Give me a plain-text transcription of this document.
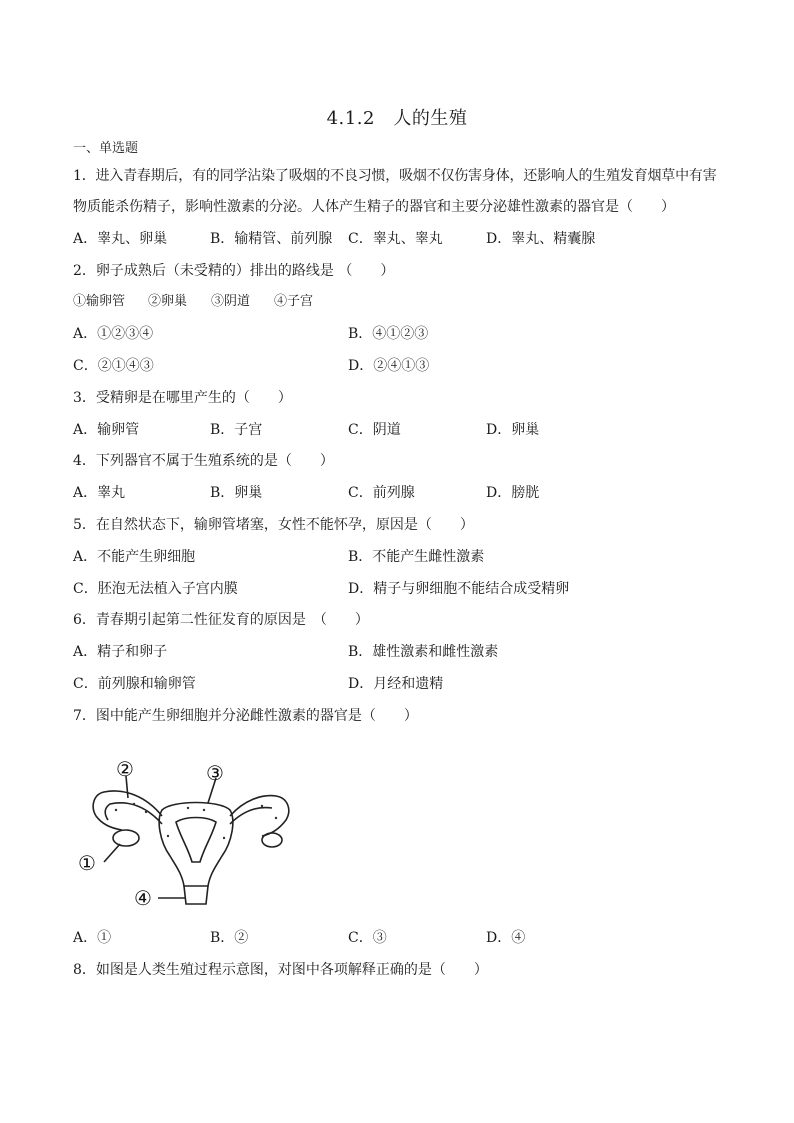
4.1.2　人的生殖
一、单选题
1．进入青春期后，有的同学沾染了吸烟的不良习惯，吸烟不仅伤害身体，还影响人的生殖发育烟草中有害
物质能杀伤精子，影响性激素的分泌。人体产生精子的器官和主要分泌雄性激素的器官是（　　）
A．睾丸、卵巢	B．输精管、前列腺 C．睾丸、睾丸	D．睾丸、精囊腺
2．卵子成熟后（未受精的）排出的路线是 （　　）
①输卵管 ②卵巢 ③阴道 ④子宫
A．①②③④	B．④①②③
C．②①④③	D．②④①③
3．受精卵是在哪里产生的（　　）
A．输卵管	B．子宫	C．阴道	D．卵巢
4．下列器官不属于生殖系统的是（　　）
A．睾丸	B．卵巢	C．前列腺	D．膀胱
5．在自然状态下，输卵管堵塞，女性不能怀孕，原因是（　　）
A．不能产生卵细胞	B．不能产生雌性激素
C．胚泡无法植入子宫内膜	D．精子与卵细胞不能结合成受精卵
6．青春期引起第二性征发育的原因是　（　　）
A．精子和卵子	B．雄性激素和雌性激素
C．前列腺和输卵管	D．月经和遗精
7．图中能产生卵细胞并分泌雌性激素的器官是（　　）
②	③
①
④
A．①	B．②	C．③	D．④
8．如图是人类生殖过程示意图，对图中各项解释正确的是（　　）
